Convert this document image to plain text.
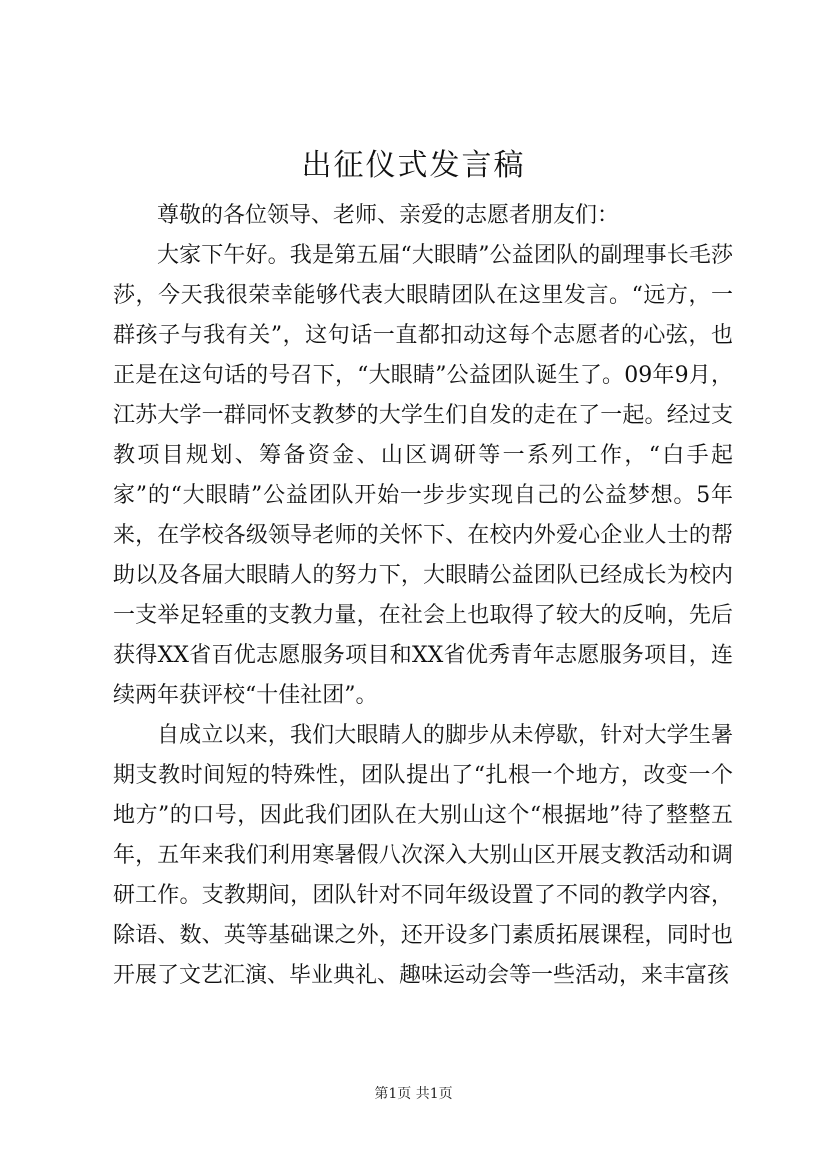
出征仪式发言稿

尊敬的各位领导、老师、亲爱的志愿者朋友们：

大家下午好。我是第五届“大眼睛”公益团队的副理事长毛莎莎，今天我很荣幸能够代表大眼睛团队在这里发言。“远方，一群孩子与我有关”，这句话一直都扣动这每个志愿者的心弦，也正是在这句话的号召下，“大眼睛”公益团队诞生了。09年9月，江苏大学一群同怀支教梦的大学生们自发的走在了一起。经过支教项目规划、筹备资金、山区调研等一系列工作，“白手起家”的“大眼睛”公益团队开始一步步实现自己的公益梦想。5年来，在学校各级领导老师的关怀下、在校内外爱心企业人士的帮助以及各届大眼睛人的努力下，大眼睛公益团队已经成长为校内一支举足轻重的支教力量，在社会上也取得了较大的反响，先后获得XX省百优志愿服务项目和XX省优秀青年志愿服务项目，连续两年获评校“十佳社团”。

自成立以来，我们大眼睛人的脚步从未停歇，针对大学生暑期支教时间短的特殊性，团队提出了“扎根一个地方，改变一个地方”的口号，因此我们团队在大别山这个“根据地”待了整整五年，五年来我们利用寒暑假八次深入大别山区开展支教活动和调研工作。支教期间，团队针对不同年级设置了不同的教学内容，除语、数、英等基础课之外，还开设多门素质拓展课程，同时也开展了文艺汇演、毕业典礼、趣味运动会等一些活动，来丰富孩

第1页 共1页
